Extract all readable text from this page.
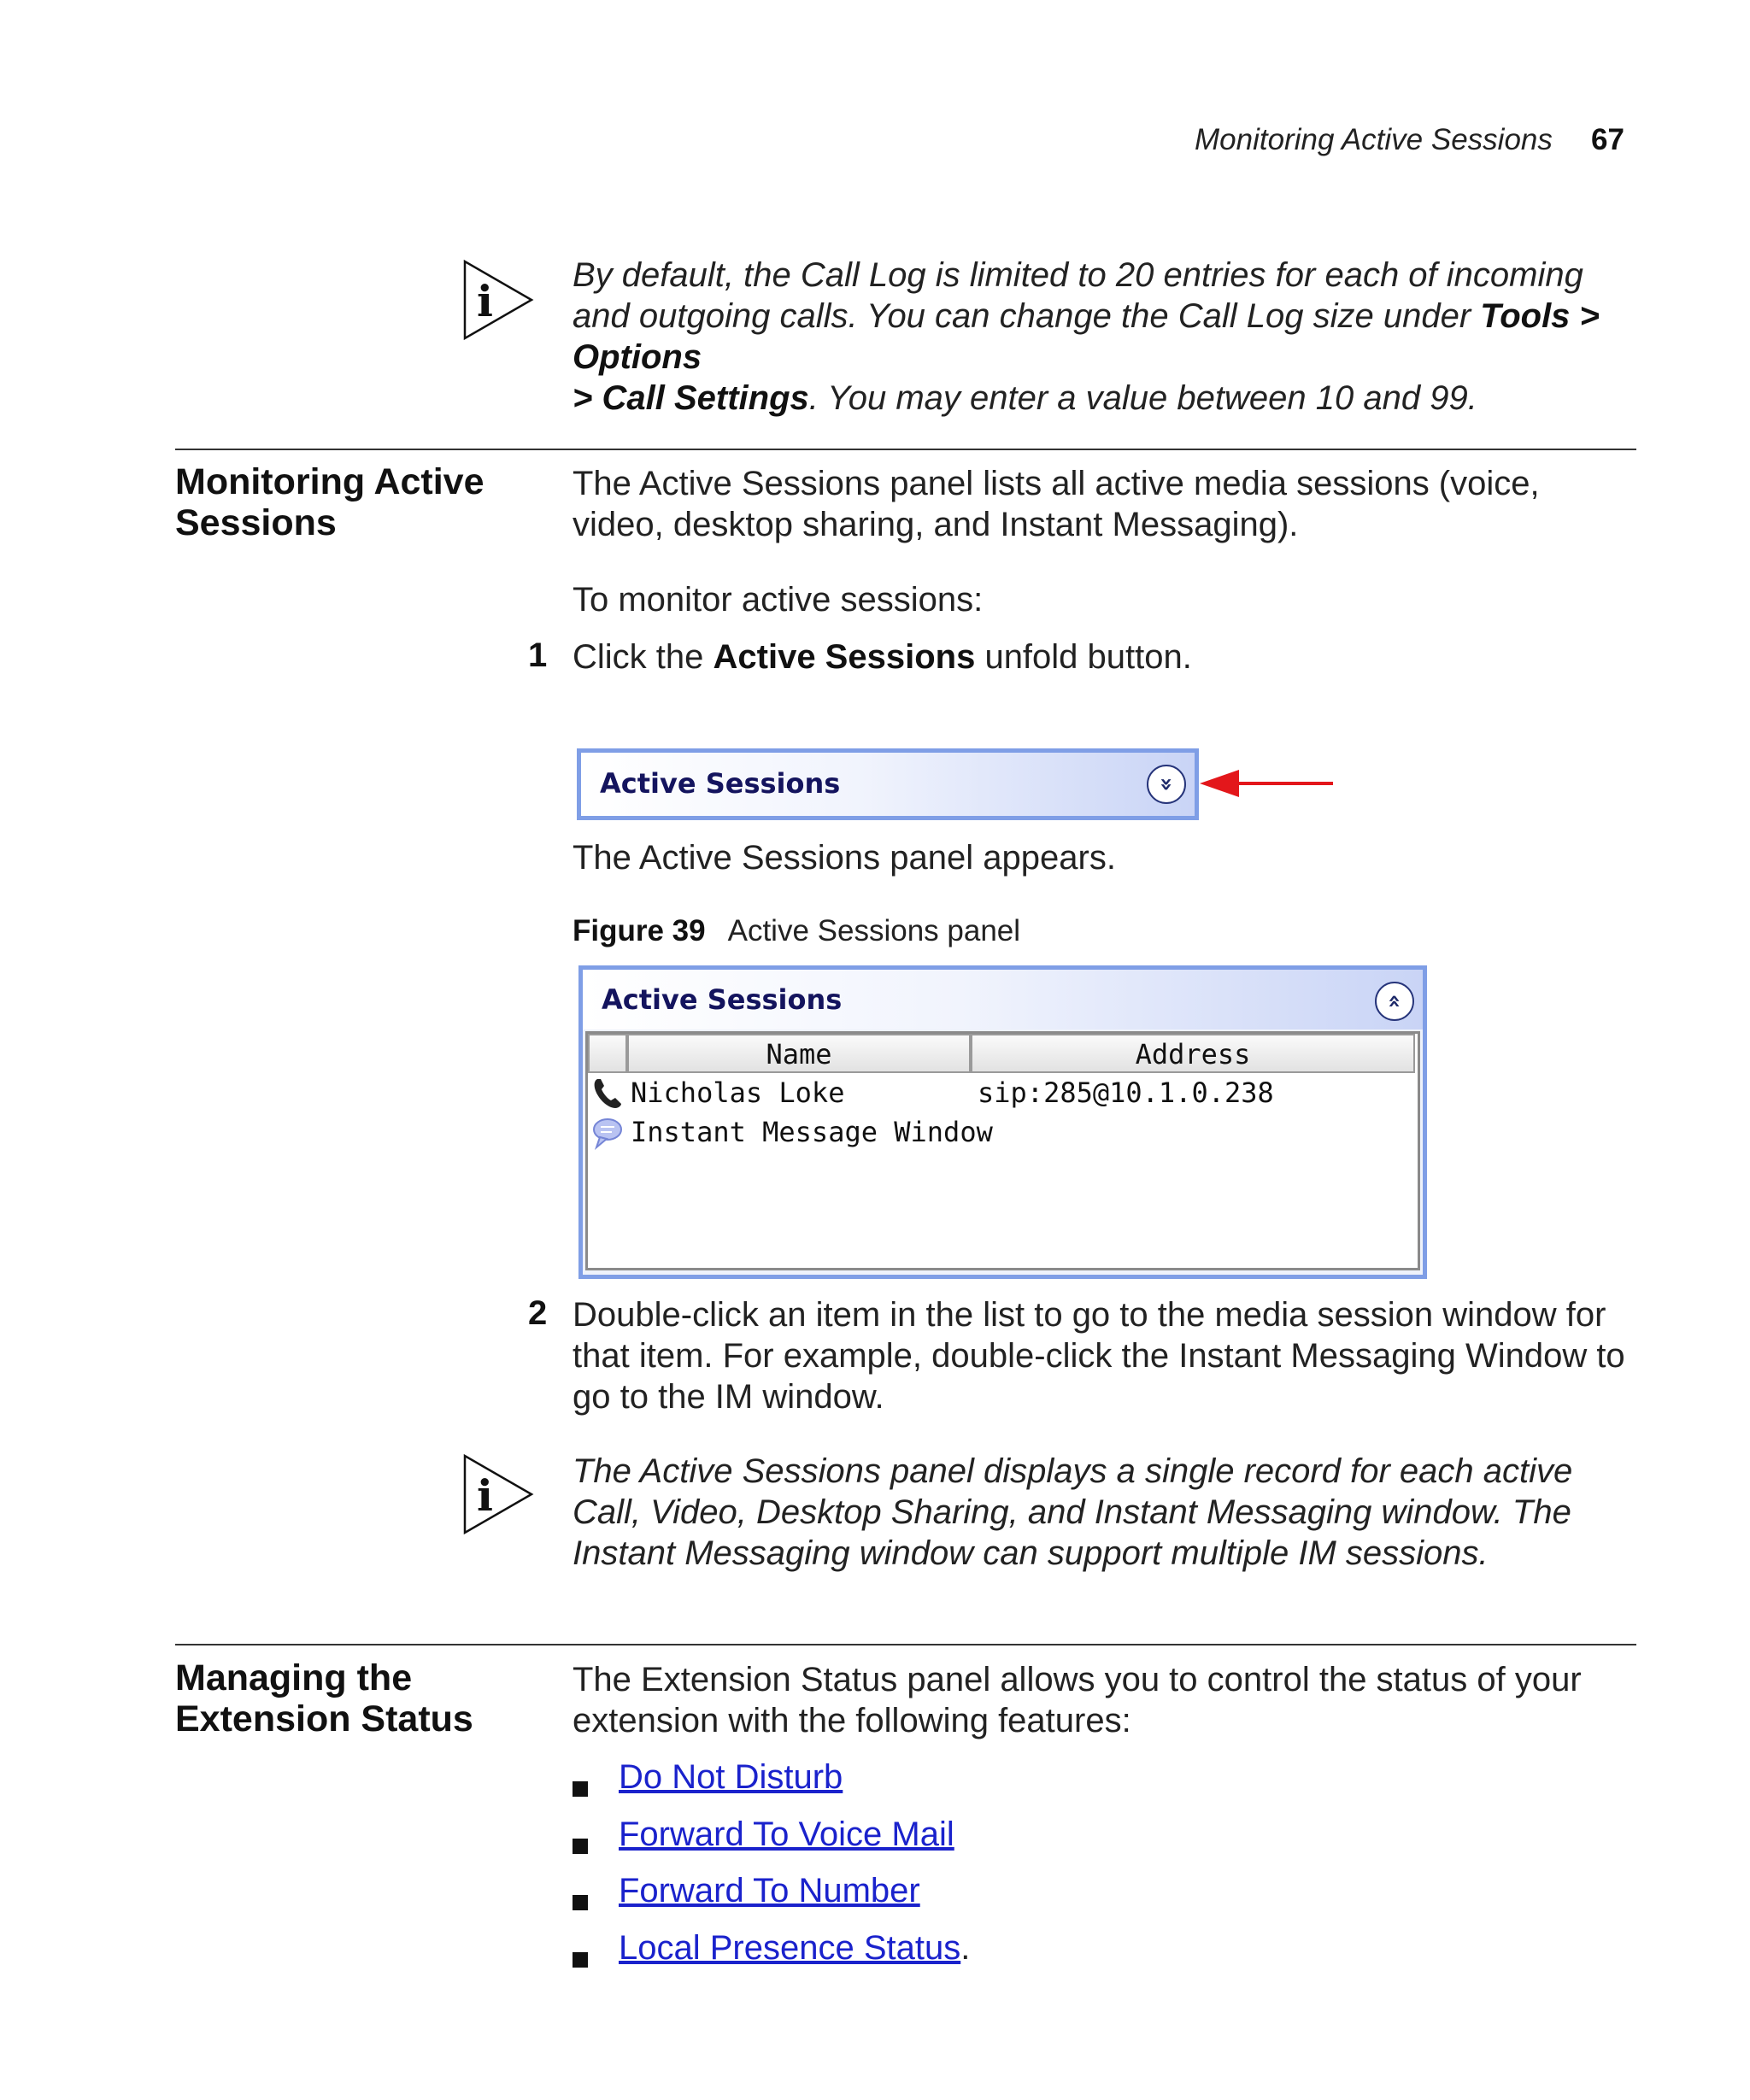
Monitoring Active Sessions 67
i
By default, the Call Log is limited to 20 entries for each of incoming and outgoing calls. You can change the Call Log size under Tools > Options
> Call Settings. You may enter a value between 10 and 99.
Monitoring Active
Sessions
The Active Sessions panel lists all active media sessions (voice, video, desktop sharing, and Instant Messaging).
To monitor active sessions:
1 Click the Active Sessions unfold button.
Active Sessions	»
The Active Sessions panel appears.
Figure 39 Active Sessions panel
Active Sessions	«
Name	Address
Nicholas Loke	sip:285@10.1.0.238
Instant Message Window
2 Double-click an item in the list to go to the media session window for that item. For example, double-click the Instant Messaging Window to go to the IM window.
i The Active Sessions panel displays a single record for each active Call, Video, Desktop Sharing, and Instant Messaging window. The Instant Messaging window can support multiple IM sessions.
Managing the
Extension Status
The Extension Status panel allows you to control the status of your extension with the following features:
Do Not Disturb
Forward To Voice Mail
Forward To Number
Local Presence Status.
